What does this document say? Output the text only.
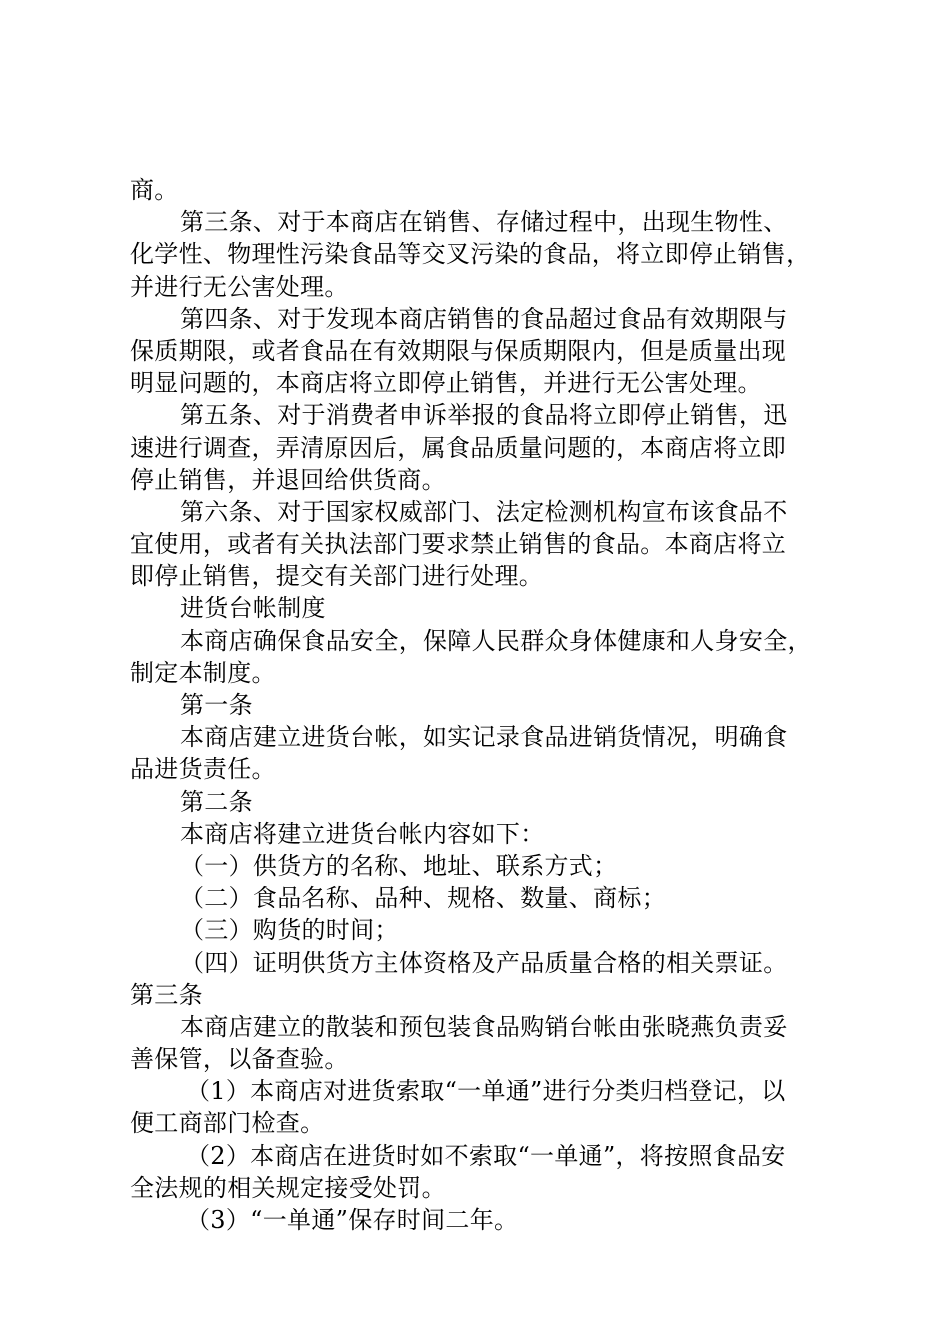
商。
第三条、对于本商店在销售、存储过程中，出现生物性、
化学性、物理性污染食品等交叉污染的食品，将立即停止销售，
并进行无公害处理。
第四条、对于发现本商店销售的食品超过食品有效期限与
保质期限，或者食品在有效期限与保质期限内，但是质量出现
明显问题的，本商店将立即停止销售，并进行无公害处理。
第五条、对于消费者申诉举报的食品将立即停止销售，迅
速进行调查，弄清原因后，属食品质量问题的，本商店将立即
停止销售，并退回给供货商。
第六条、对于国家权威部门、法定检测机构宣布该食品不
宜使用，或者有关执法部门要求禁止销售的食品。本商店将立
即停止销售，提交有关部门进行处理。
进货台帐制度
本商店确保食品安全，保障人民群众身体健康和人身安全，
制定本制度。
第一条
本商店建立进货台帐，如实记录食品进销货情况，明确食
品进货责任。
第二条
本商店将建立进货台帐内容如下：
（一）供货方的名称、地址、联系方式；
（二）食品名称、品种、规格、数量、商标；
（三）购货的时间；
（四）证明供货方主体资格及产品质量合格的相关票证。
第三条
本商店建立的散装和预包装食品购销台帐由张晓燕负责妥
善保管，以备查验。
（1）本商店对进货索取“一单通”进行分类归档登记，以
便工商部门检查。
（2）本商店在进货时如不索取“一单通”，将按照食品安
全法规的相关规定接受处罚。
（3）“一单通”保存时间二年。
